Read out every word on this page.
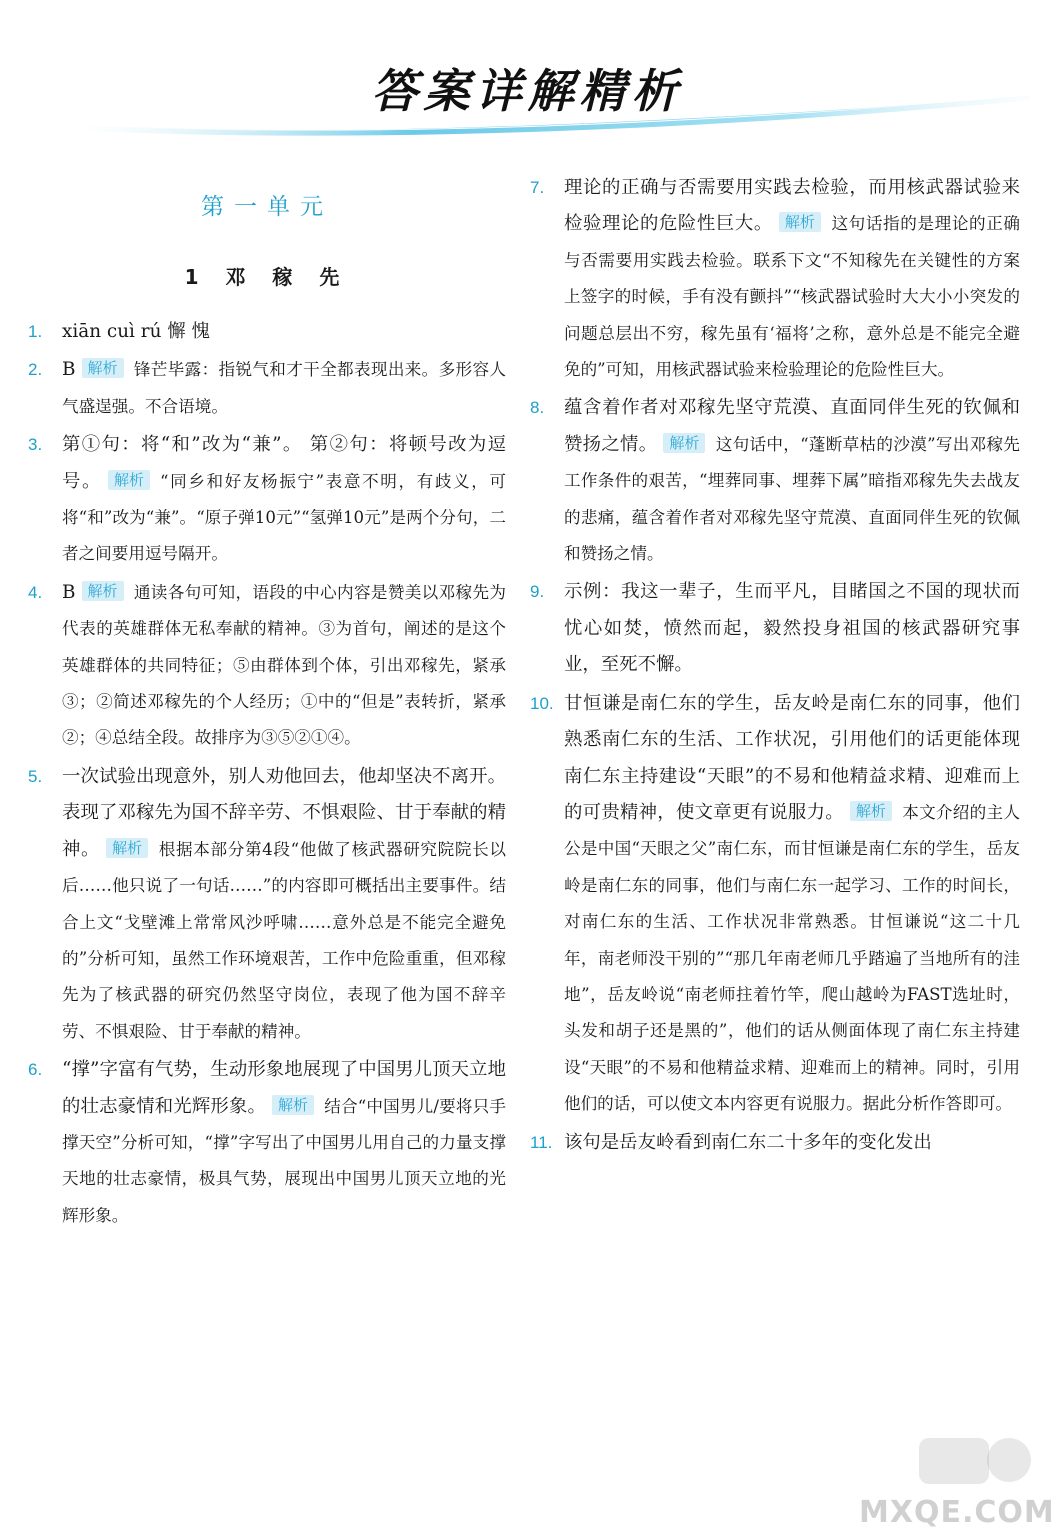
答案详解精析
第一单元
1 邓 稼 先
1. xiān cuì rú 懈 愧
2. B 解析 锋芒毕露：指锐气和才干全都表现出来。多形容人气盛逞强。不合语境。
3. 第①句：将“和”改为“兼”。 第②句：将顿号改为逗号。 解析 “同乡和好友杨振宁”表意不明，有歧义，可将“和”改为“兼”。“原子弹10元”“氢弹10元”是两个分句，二者之间要用逗号隔开。
4. B 解析 通读各句可知，语段的中心内容是赞美以邓稼先为代表的英雄群体无私奉献的精神。③为首句，阐述的是这个英雄群体的共同特征；⑤由群体到个体，引出邓稼先，紧承③；②简述邓稼先的个人经历；①中的“但是”表转折，紧承②；④总结全段。故排序为③⑤②①④。
5. 一次试验出现意外，别人劝他回去，他却坚决不离开。表现了邓稼先为国不辞辛劳、不惧艰险、甘于奉献的精神。 解析 根据本部分第4段“他做了核武器研究院院长以后……他只说了一句话……”的内容即可概括出主要事件。结合上文“戈壁滩上常常风沙呼啸……意外总是不能完全避免的”分析可知，虽然工作环境艰苦，工作中危险重重，但邓稼先为了核武器的研究仍然坚守岗位，表现了他为国不辞辛劳、不惧艰险、甘于奉献的精神。
6. “撑”字富有气势，生动形象地展现了中国男儿顶天立地的壮志豪情和光辉形象。 解析 结合“中国男儿/要将只手撑天空”分析可知，“撑”字写出了中国男儿用自己的力量支撑天地的壮志豪情，极具气势，展现出中国男儿顶天立地的光辉形象。
7. 理论的正确与否需要用实践去检验，而用核武器试验来检验理论的危险性巨大。 解析 这句话指的是理论的正确与否需要用实践去检验。联系下文“不知稼先在关键性的方案上签字的时候，手有没有颤抖”“核武器试验时大大小小突发的问题总层出不穷，稼先虽有‘福将’之称，意外总是不能完全避免的”可知，用核武器试验来检验理论的危险性巨大。
8. 蕴含着作者对邓稼先坚守荒漠、直面同伴生死的钦佩和赞扬之情。 解析 这句话中，“蓬断草枯的沙漠”写出邓稼先工作条件的艰苦，“埋葬同事、埋葬下属”暗指邓稼先失去战友的悲痛，蕴含着作者对邓稼先坚守荒漠、直面同伴生死的钦佩和赞扬之情。
9. 示例：我这一辈子，生而平凡，目睹国之不国的现状而忧心如焚，愤然而起，毅然投身祖国的核武器研究事业，至死不懈。
10. 甘恒谦是南仁东的学生，岳友岭是南仁东的同事，他们熟悉南仁东的生活、工作状况，引用他们的话更能体现南仁东主持建设“天眼”的不易和他精益求精、迎难而上的可贵精神，使文章更有说服力。 解析 本文介绍的主人公是中国“天眼之父”南仁东，而甘恒谦是南仁东的学生，岳友岭是南仁东的同事，他们与南仁东一起学习、工作的时间长，对南仁东的生活、工作状况非常熟悉。甘恒谦说“这二十几年，南老师没干别的”“那几年南老师几乎踏遍了当地所有的洼地”，岳友岭说“南老师拄着竹竿，爬山越岭为FAST选址时，头发和胡子还是黑的”，他们的话从侧面体现了南仁东主持建设“天眼”的不易和他精益求精、迎难而上的精神。同时，引用他们的话，可以使文本内容更有说服力。据此分析作答即可。
11. 该句是岳友岭看到南仁东二十多年的变化发出
MXQE.COM
